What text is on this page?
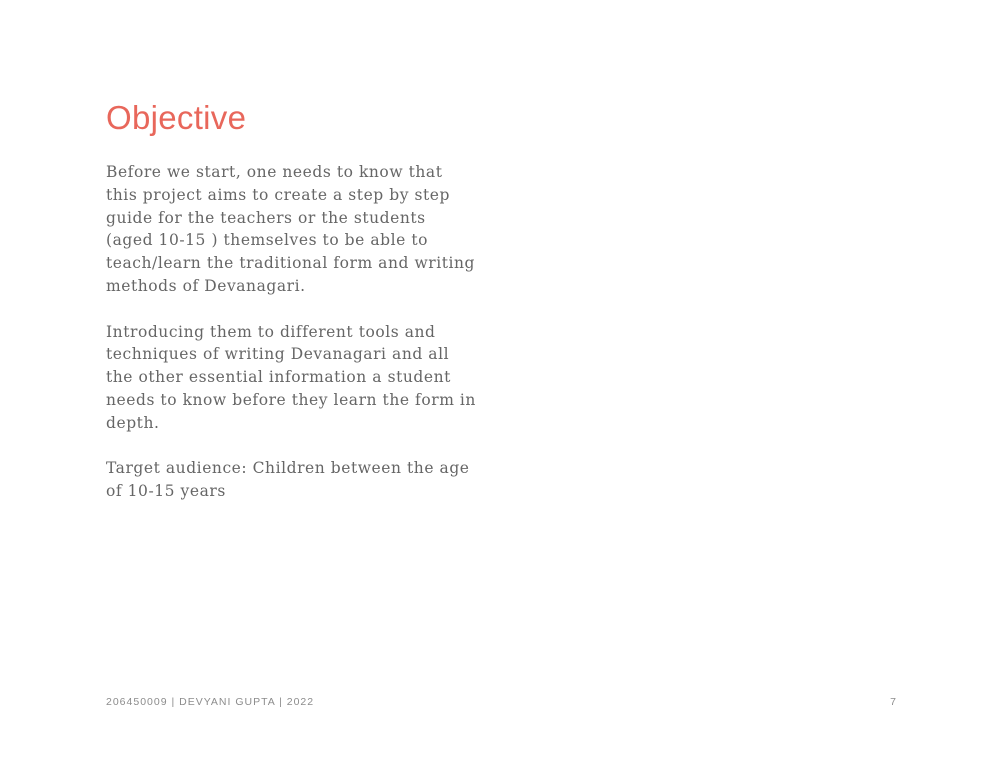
Objective

Before we start, one needs to know that this project aims to create a step by step guide for the teachers or the students (aged 10-15 ) themselves to be able to teach/learn the traditional form and writing methods of Devanagari.

Introducing them to different tools and techniques of writing Devanagari and all the other essential information a student needs to know before they learn the form in depth.

Target audience: Children between the age of 10-15 years

206450009 | DEVYANI GUPTA | 2022	7
